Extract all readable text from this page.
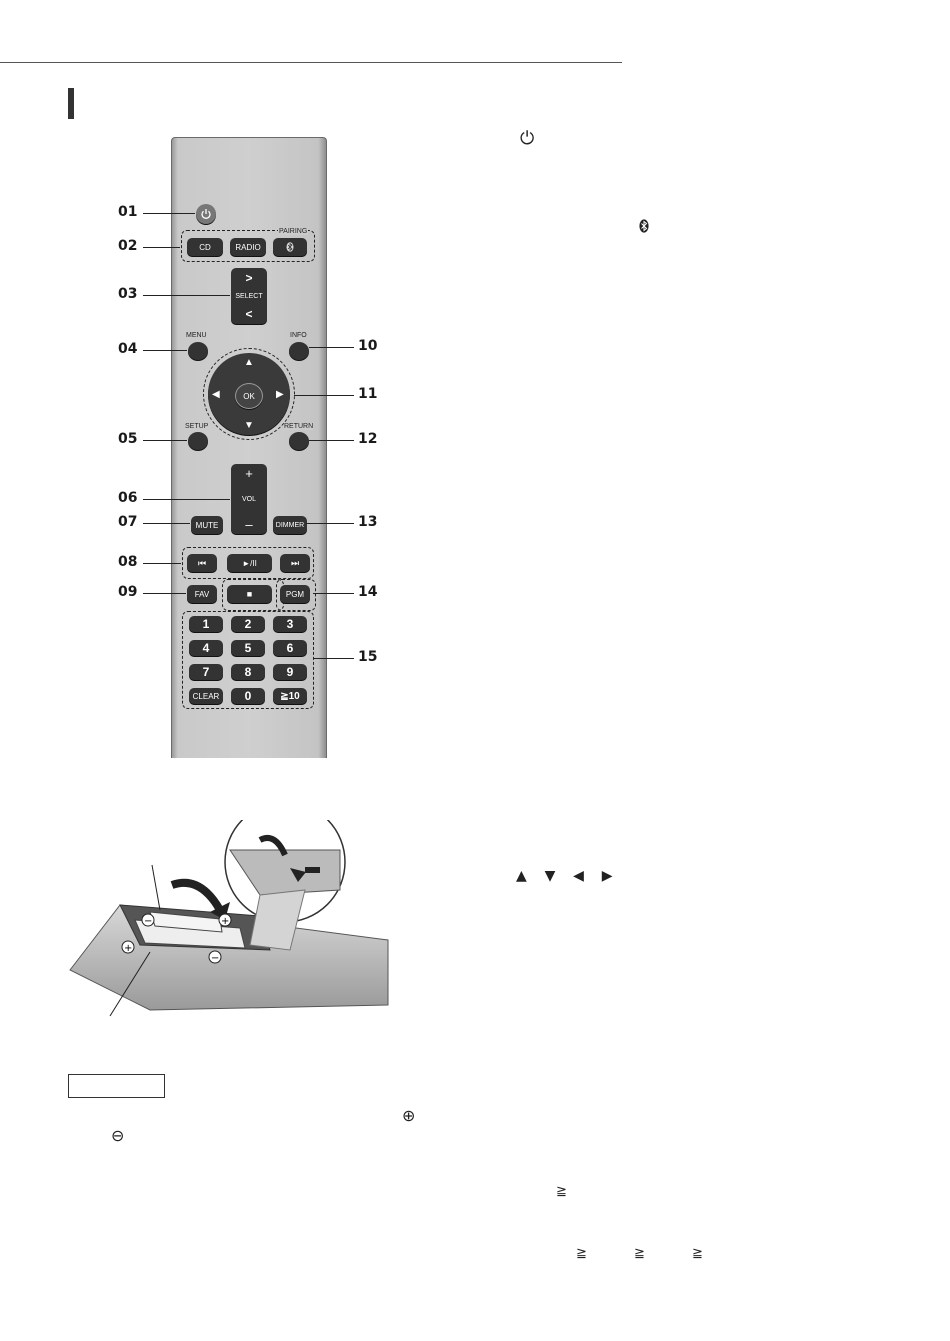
CD	RADIO
PAIRING
>
SELECT
<
MENU	INFO
OK
▲
▼
◀	▶
SETUP	RETURN
+
VOL
–
MUTE	DIMMER
⏮	►/II	⏭
FAV	■	PGM
1	2	3
4	5	6
7	8	9
CLEAR	0	≧10
01
02
03
04
05
06
07
08
09
10
11
12
13
14
15
⏻
▲    ▼    ◀    ▶
≧
≧	≧	≧
−	+
+
−
⊕
⊖
